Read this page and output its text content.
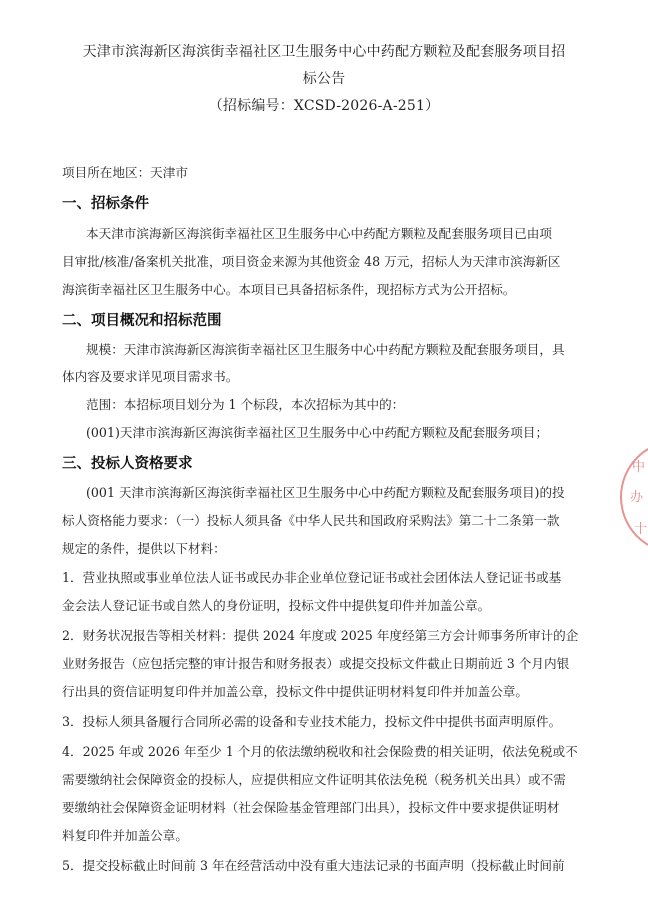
天津市滨海新区海滨街幸福社区卫生服务中心中药配方颗粒及配套服务项目招
标公告
（招标编号：XCSD-2026-A-251）
项目所在地区：天津市
一、招标条件
本天津市滨海新区海滨街幸福社区卫生服务中心中药配方颗粒及配套服务项目已由项
目审批/核准/备案机关批准，项目资金来源为其他资金 48 万元，招标人为天津市滨海新区
海滨街幸福社区卫生服务中心。本项目已具备招标条件，现招标方式为公开招标。
二、项目概况和招标范围
规模：天津市滨海新区海滨街幸福社区卫生服务中心中药配方颗粒及配套服务项目，具
体内容及要求详见项目需求书。
范围：本招标项目划分为 1 个标段，本次招标为其中的：
(001)天津市滨海新区海滨街幸福社区卫生服务中心中药配方颗粒及配套服务项目；
三、投标人资格要求
(001 天津市滨海新区海滨街幸福社区卫生服务中心中药配方颗粒及配套服务项目)的投
标人资格能力要求：（一）投标人须具备《中华人民共和国政府采购法》第二十二条第一款
规定的条件，提供以下材料：
1．营业执照或事业单位法人证书或民办非企业单位登记证书或社会团体法人登记证书或基
金会法人登记证书或自然人的身份证明，投标文件中提供复印件并加盖公章。
2．财务状况报告等相关材料：提供 2024 年度或 2025 年度经第三方会计师事务所审计的企
业财务报告（应包括完整的审计报告和财务报表）或提交投标文件截止日期前近 3 个月内银
行出具的资信证明复印件并加盖公章，投标文件中提供证明材料复印件并加盖公章。
3．投标人须具备履行合同所必需的设备和专业技术能力，投标文件中提供书面声明原件。
4．2025 年或 2026 年至少 1 个月的依法缴纳税收和社会保险费的相关证明，依法免税或不
需要缴纳社会保障资金的投标人，应提供相应文件证明其依法免税（税务机关出具）或不需
要缴纳社会保障资金证明材料（社会保险基金管理部门出具），投标文件中要求提供证明材
料复印件并加盖公章。
5．提交投标截止时间前 3 年在经营活动中没有重大违法记录的书面声明（投标截止时间前
中
办
十
